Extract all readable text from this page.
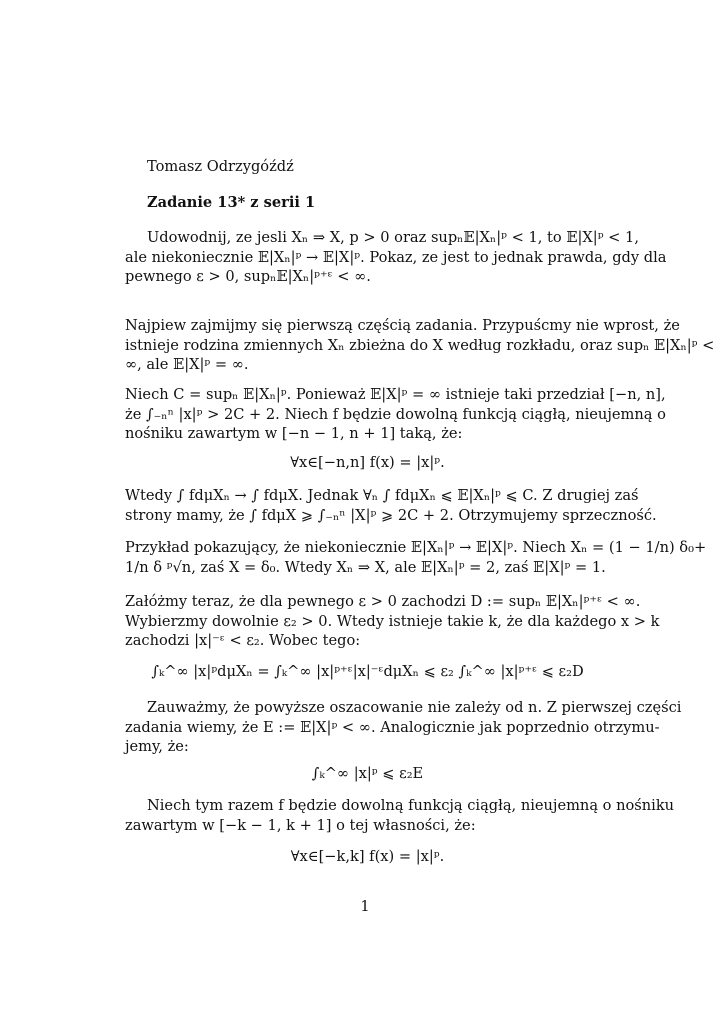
Tomasz Odrzygóźdź
Zadanie 13* z serii 1
Udowodnij, ze jesli Xₙ ⇒ X, p > 0 oraz supₙ𝔼|Xₙ|ᵖ < 1, to 𝔼|X|ᵖ < 1,
ale niekoniecznie 𝔼|Xₙ|ᵖ → 𝔼|X|ᵖ. Pokaz, ze jest to jednak prawda, gdy dla
pewnego ε > 0, supₙ𝔼|Xₙ|ᵖ⁺ᵋ < ∞.
Najpiew zajmijmy się pierwszą częścią zadania. Przypuścmy nie wprost, że
istnieje rodzina zmiennych Xₙ zbieżna do X według rozkładu, oraz supₙ 𝔼|Xₙ|ᵖ <
∞, ale 𝔼|X|ᵖ = ∞.
Niech C = supₙ 𝔼|Xₙ|ᵖ. Ponieważ 𝔼|X|ᵖ = ∞ istnieje taki przedział [−n, n],
że ∫₋ₙⁿ |x|ᵖ > 2C + 2. Niech f będzie dowolną funkcją ciągłą, nieujemną o
nośniku zawartym w [−n − 1, n + 1] taką, że:
∀x∈[−n,n] f(x) = |x|ᵖ.
Wtedy ∫ fdμXₙ → ∫ fdμX. Jednak ∀ₙ ∫ fdμXₙ ⩽ 𝔼|Xₙ|ᵖ ⩽ C. Z drugiej zaś
strony mamy, że ∫ fdμX ⩾ ∫₋ₙⁿ |X|ᵖ ⩾ 2C + 2. Otrzymujemy sprzeczność.
Przykład pokazujący, że niekoniecznie 𝔼|Xₙ|ᵖ → 𝔼|X|ᵖ. Niech Xₙ = (1 − 1/n) δ₀+
1/n δ ᵖ√n, zaś X = δ₀. Wtedy Xₙ ⇒ X, ale 𝔼|Xₙ|ᵖ = 2, zaś 𝔼|X|ᵖ = 1.
Załóżmy teraz, że dla pewnego ε > 0 zachodzi D := supₙ 𝔼|Xₙ|ᵖ⁺ᵋ < ∞.
Wybierzmy dowolnie ε₂ > 0. Wtedy istnieje takie k, że dla każdego x > k
zachodzi |x|⁻ᵋ < ε₂. Wobec tego:
∫ₖ^∞ |x|ᵖdμXₙ = ∫ₖ^∞ |x|ᵖ⁺ᵋ|x|⁻ᵋdμXₙ ⩽ ε₂ ∫ₖ^∞ |x|ᵖ⁺ᵋ ⩽ ε₂D
Zauważmy, że powyższe oszacowanie nie zależy od n. Z pierwszej części
zadania wiemy, że E := 𝔼|X|ᵖ < ∞. Analogicznie jak poprzednio otrzymu-
jemy, że:
∫ₖ^∞ |x|ᵖ ⩽ ε₂E
Niech tym razem f będzie dowolną funkcją ciągłą, nieujemną o nośniku
zawartym w [−k − 1, k + 1] o tej własności, że:
∀x∈[−k,k] f(x) = |x|ᵖ.
1
